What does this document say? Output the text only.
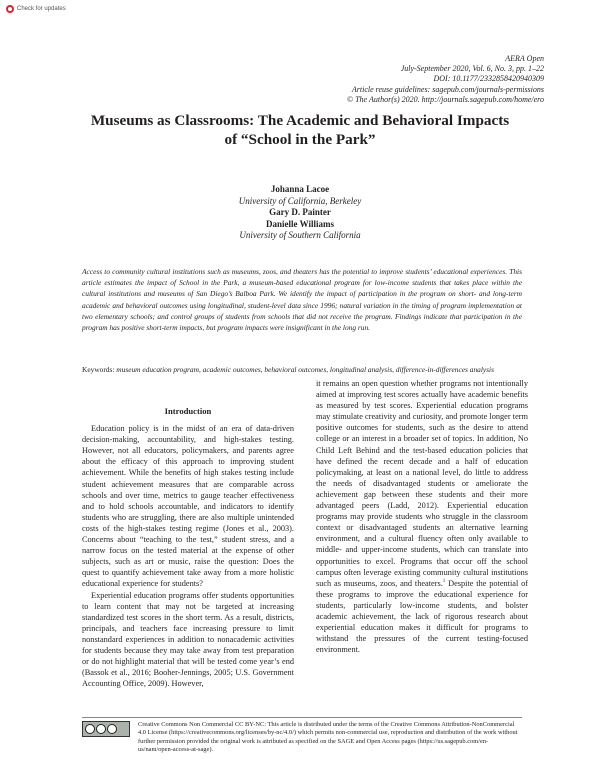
Check for updates
AERA Open
July-September 2020, Vol. 6, No. 3, pp. 1–22
DOI: 10.1177/2332858420940309
Article reuse guidelines: sagepub.com/journals-permissions
© The Author(s) 2020. http://journals.sagepub.com/home/ero
Museums as Classrooms: The Academic and Behavioral Impacts
of “School in the Park”
Johanna Lacoe
University of California, Berkeley
Gary D. Painter
Danielle Williams
University of Southern California

Access to community cultural institutions such as museums, zoos, and theaters has the potential to improve students’ educational experiences. This article estimates the impact of School in the Park, a museum-based educational program for low-income students that takes place within the cultural institutions and museums of San Diego’s Balboa Park. We identify the impact of participation in the program on short- and long-term academic and behavioral outcomes using longitudinal, student-level data since 1996; natural variation in the timing of program implementation at two elementary schools; and control groups of students from schools that did not receive the program. Findings indicate that participation in the program has positive short-term impacts, but program impacts were insignificant in the long run.

Keywords: museum education program, academic outcomes, behavioral outcomes, longitudinal analysis, difference-in-differences analysis

Introduction

Education policy is in the midst of an era of data-driven decision-making, accountability, and high-stakes testing. However, not all educators, policymakers, and parents agree about the efficacy of this approach to improving student achievement. While the benefits of high stakes testing include student achievement measures that are comparable across schools and over time, metrics to gauge teacher effectiveness and to hold schools accountable, and indicators to identify students who are struggling, there are also multiple unintended costs of the high-stakes testing regime (Jones et al., 2003). Concerns about “teaching to the test,” student stress, and a narrow focus on the tested material at the expense of other subjects, such as art or music, raise the question: Does the quest to quantify achievement take away from a more holistic educational experience for students?

Experiential education programs offer students opportunities to learn content that may not be targeted at increasing standardized test scores in the short term. As a result, districts, principals, and teachers face increasing pressure to limit nonstandard experiences in addition to nonacademic activities for students because they may take away from test preparation or do not highlight material that will be tested come year’s end (Bassok et al., 2016; Booher-Jennings, 2005; U.S. Government Accounting Office, 2009). However,

it remains an open question whether programs not intentionally aimed at improving test scores actually have academic benefits as measured by test scores. Experiential education programs may stimulate creativity and curiosity, and promote longer term positive outcomes for students, such as the desire to attend college or an interest in a broader set of topics. In addition, No Child Left Behind and the test-based education policies that have defined the recent decade and a half of education policymaking, at least on a national level, do little to address the needs of disadvantaged students or ameliorate the achievement gap between these students and their more advantaged peers (Ladd, 2012). Experiential education programs may provide students who struggle in the classroom context or disadvantaged students an alternative learning environment, and a cultural fluency often only available to middle- and upper-income students, which can translate into opportunities to excel. Programs that occur off the school campus often leverage existing community cultural institutions such as museums, zoos, and theaters.$^1$ Despite the potential of these programs to improve the educational experience for students, particularly low-income students, and bolster academic achievement, the lack of rigorous research about experiential education makes it difficult for programs to withstand the pressures of the current testing-focused environment.

Creative Commons Non Commercial CC BY-NC: This article is distributed under the terms of the Creative Commons Attribution-NonCommercial 4.0 License (https://creativecommons.org/licenses/by-nc/4.0/) which permits non-commercial use, reproduction and distribution of the work without further permission provided the original work is attributed as specified on the SAGE and Open Access pages (https://us.sagepub.com/en-us/nam/open-access-at-sage).
